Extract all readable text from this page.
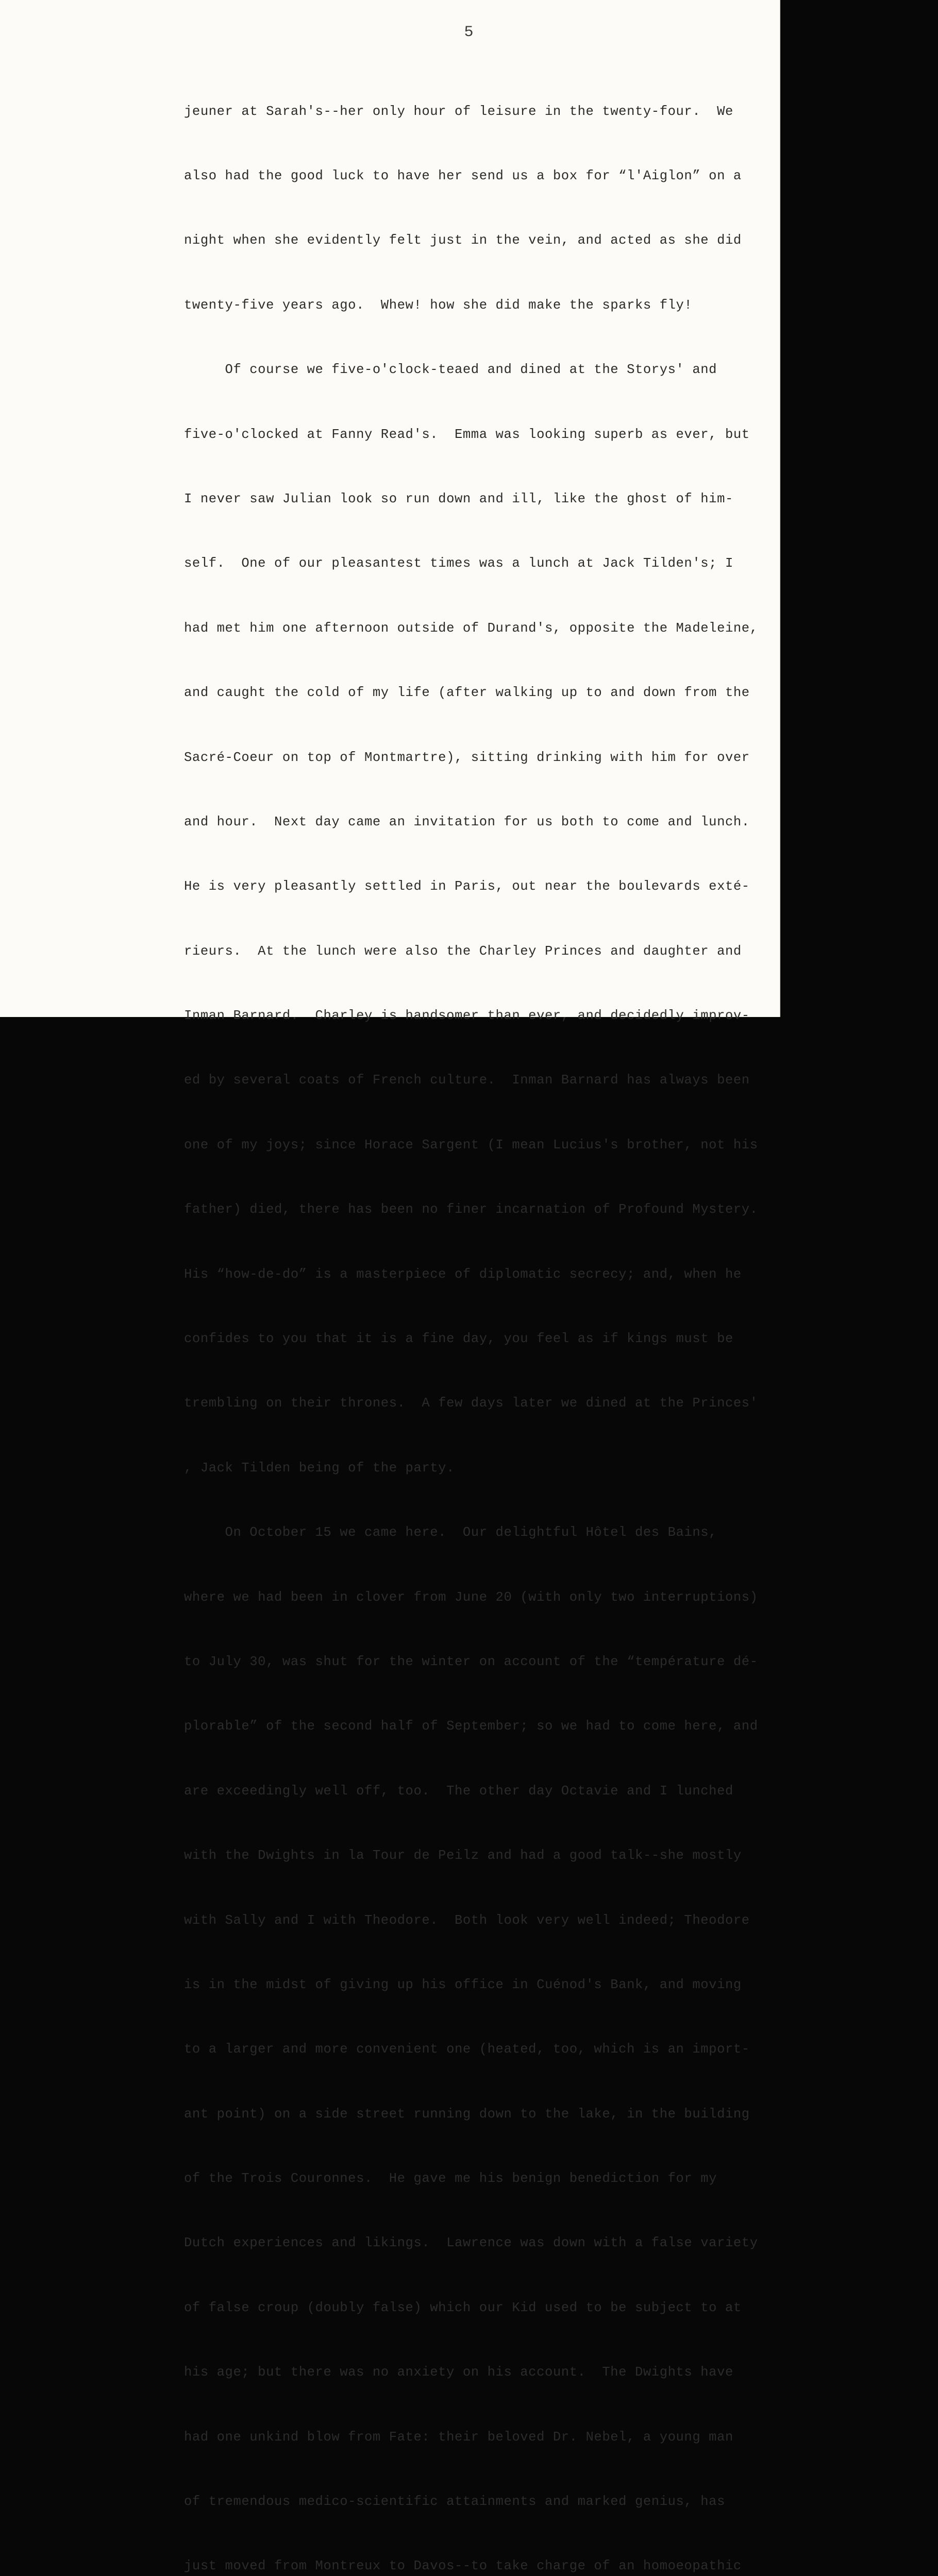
5

jeuner at Sarah's--her only hour of leisure in the twenty-four.  We

also had the good luck to have her send us a box for “l'Aiglon” on a

night when she evidently felt just in the vein, and acted as she did

twenty-five years ago.  Whew! how she did make the sparks fly!

Of course we five-o'clock-teaed and dined at the Storys' and

five-o'clocked at Fanny Read's.  Emma was looking superb as ever, but

I never saw Julian look so run down and ill, like the ghost of him-

self.  One of our pleasantest times was a lunch at Jack Tilden's; I

had met him one afternoon outside of Durand's, opposite the Madeleine,

and caught the cold of my life (after walking up to and down from the

Sacré-Coeur on top of Montmartre), sitting drinking with him for over

and hour.  Next day came an invitation for us both to come and lunch.

He is very pleasantly settled in Paris, out near the boulevards exté-

rieurs.  At the lunch were also the Charley Princes and daughter and

Inman Barnard.  Charley is handsomer than ever, and decidedly improv-

ed by several coats of French culture.  Inman Barnard has always been

one of my joys; since Horace Sargent (I mean Lucius's brother, not his

father) died, there has been no finer incarnation of Profound Mystery.

His “how-de-do” is a masterpiece of diplomatic secrecy; and, when he

confides to you that it is a fine day, you feel as if kings must be

trembling on their thrones.  A few days later we dined at the Princes'

, Jack Tilden being of the party.

On October 15 we came here.  Our delightful Hôtel des Bains,

where we had been in clover from June 20 (with only two interruptions)

to July 30, was shut for the winter on account of the “température dé-

plorable” of the second half of September; so we had to come here, and

are exceedingly well off, too.  The other day Octavie and I lunched

with the Dwights in la Tour de Peilz and had a good talk--she mostly

with Sally and I with Theodore.  Both look very well indeed; Theodore

is in the midst of giving up his office in Cuénod's Bank, and moving

to a larger and more convenient one (heated, too, which is an import-

ant point) on a side street running down to the lake, in the building

of the Trois Couronnes.  He gave me his benign benediction for my

Dutch experiences and likings.  Lawrence was down with a false variety

of false croup (doubly false) which our Kid used to be subject to at

his age; but there was no anxiety on his account.  The Dwights have

had one unkind blow from Fate: their beloved Dr. Nebel, a young man

of tremendous medico-scientific attainments and marked genius, has

just moved from Montreux to Davos--to take charge of an homoeopathic
